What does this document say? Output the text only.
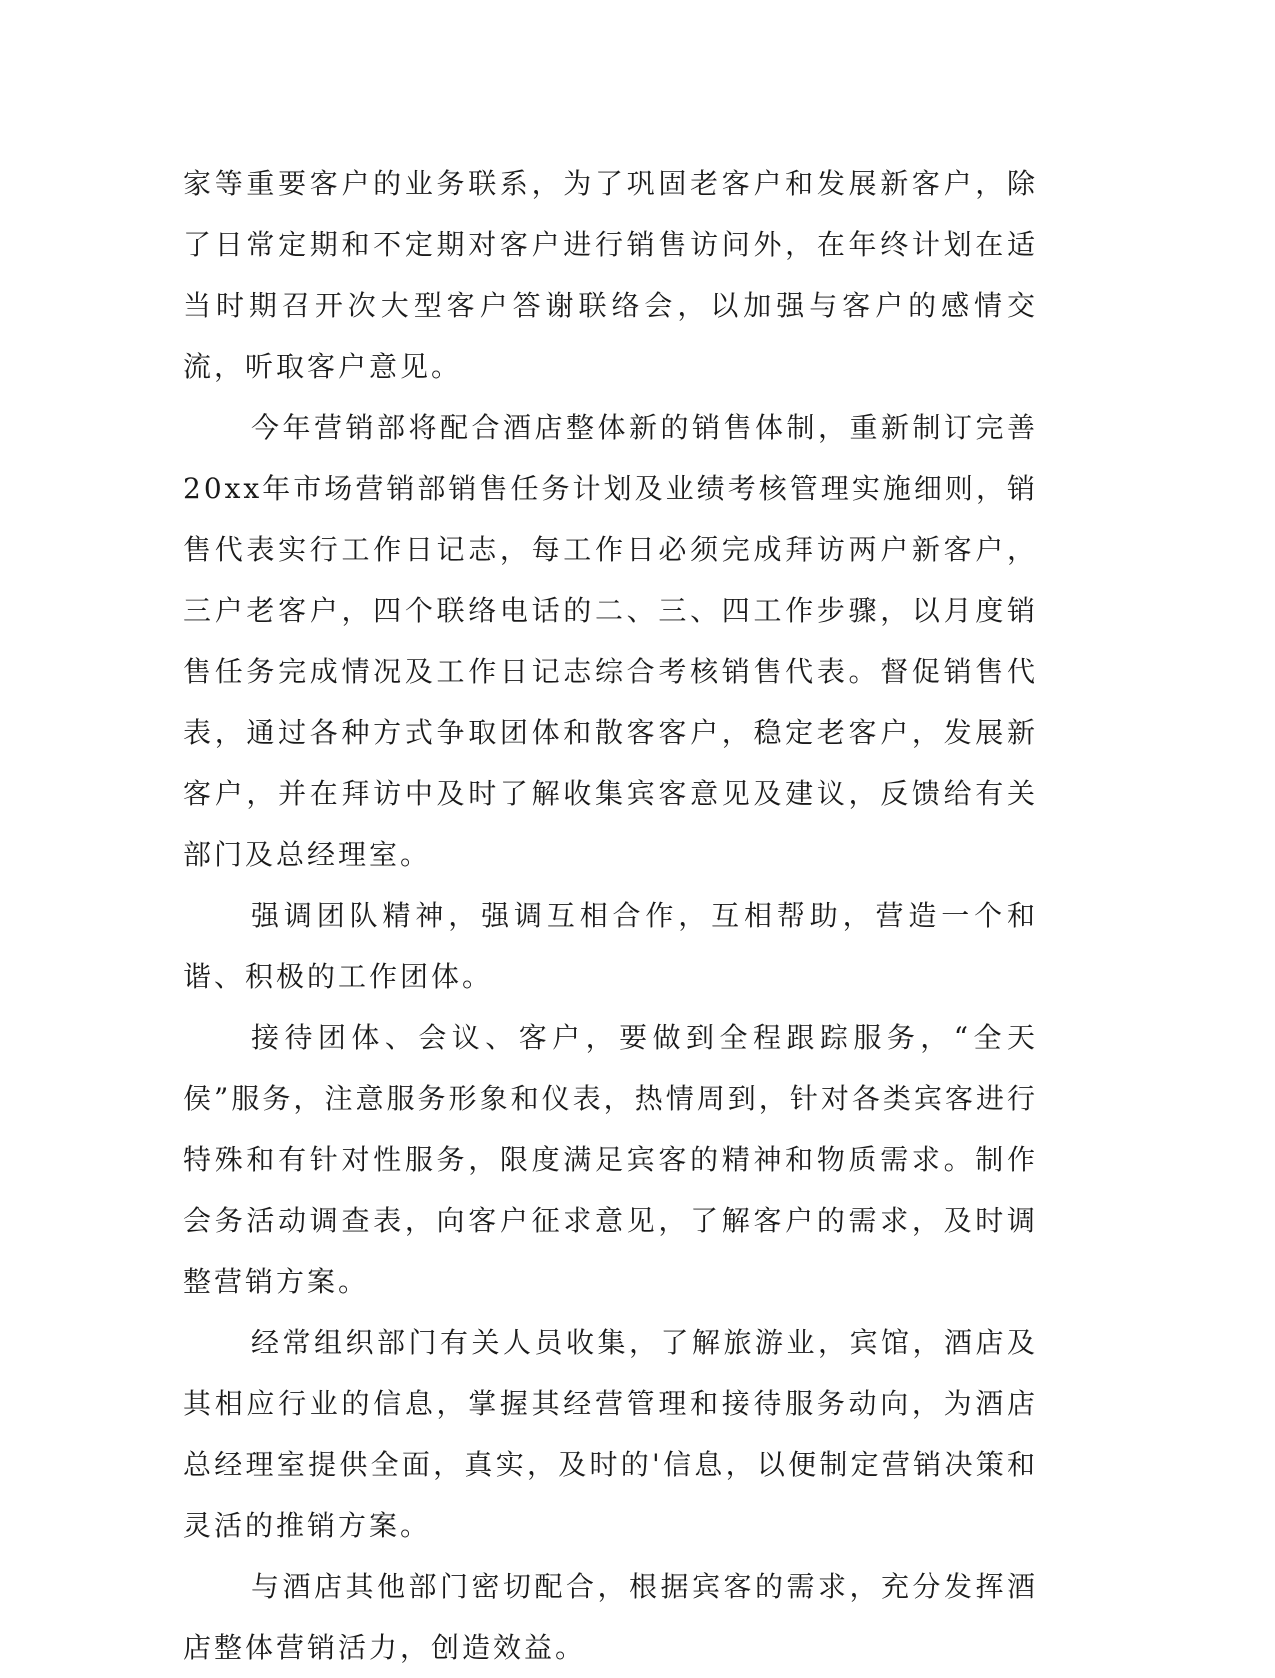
家等重要客户的业务联系，为了巩固老客户和发展新客户，除了日常定期和不定期对客户进行销售访问外，在年终计划在适当时期召开次大型客户答谢联络会，以加强与客户的感情交流，听取客户意见。

今年营销部将配合酒店整体新的销售体制，重新制订完善20xx年市场营销部销售任务计划及业绩考核管理实施细则，销售代表实行工作日记志，每工作日必须完成拜访两户新客户，三户老客户，四个联络电话的二、三、四工作步骤，以月度销售任务完成情况及工作日记志综合考核销售代表。督促销售代表，通过各种方式争取团体和散客客户，稳定老客户，发展新客户，并在拜访中及时了解收集宾客意见及建议，反馈给有关部门及总经理室。

强调团队精神，强调互相合作，互相帮助，营造一个和谐、积极的工作团体。

接待团体、会议、客户，要做到全程跟踪服务，“全天侯”服务，注意服务形象和仪表，热情周到，针对各类宾客进行特殊和有针对性服务，限度满足宾客的精神和物质需求。制作会务活动调查表，向客户征求意见，了解客户的需求，及时调整营销方案。

经常组织部门有关人员收集，了解旅游业，宾馆，酒店及其相应行业的信息，掌握其经营管理和接待服务动向，为酒店总经理室提供全面，真实，及时的'信息，以便制定营销决策和灵活的推销方案。

与酒店其他部门密切配合，根据宾客的需求，充分发挥酒店整体营销活力，创造效益。
